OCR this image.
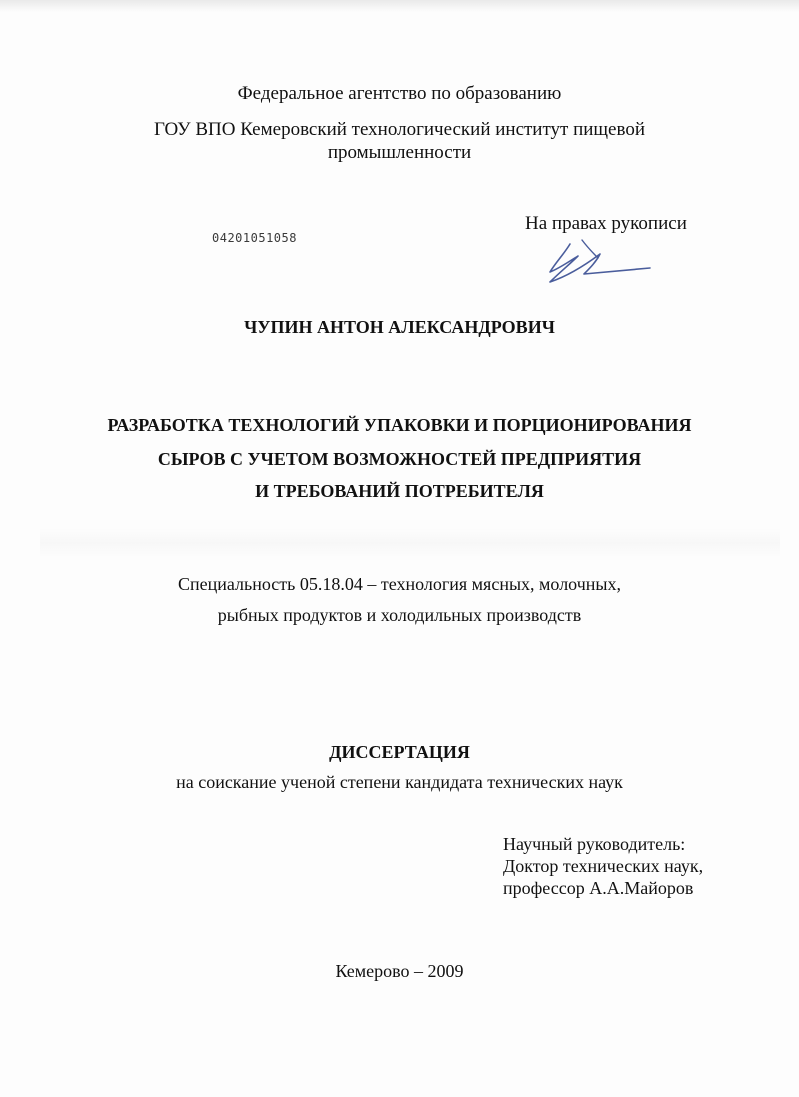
Федеральное агентство по образованию
ГОУ ВПО Кемеровский технологический институт пищевой
промышленности
04201051058
На правах рукописи
ЧУПИН АНТОН АЛЕКСАНДРОВИЧ
РАЗРАБОТКА ТЕХНОЛОГИЙ УПАКОВКИ И ПОРЦИОНИРОВАНИЯ
СЫРОВ С УЧЕТОМ ВОЗМОЖНОСТЕЙ ПРЕДПРИЯТИЯ
И ТРЕБОВАНИЙ ПОТРЕБИТЕЛЯ
Специальность 05.18.04 – технология мясных, молочных,
рыбных продуктов и холодильных производств
ДИССЕРТАЦИЯ
на соискание ученой степени кандидата технических наук
Научный руководитель:
Доктор технических наук,
профессор А.А.Майоров
Кемерово – 2009
